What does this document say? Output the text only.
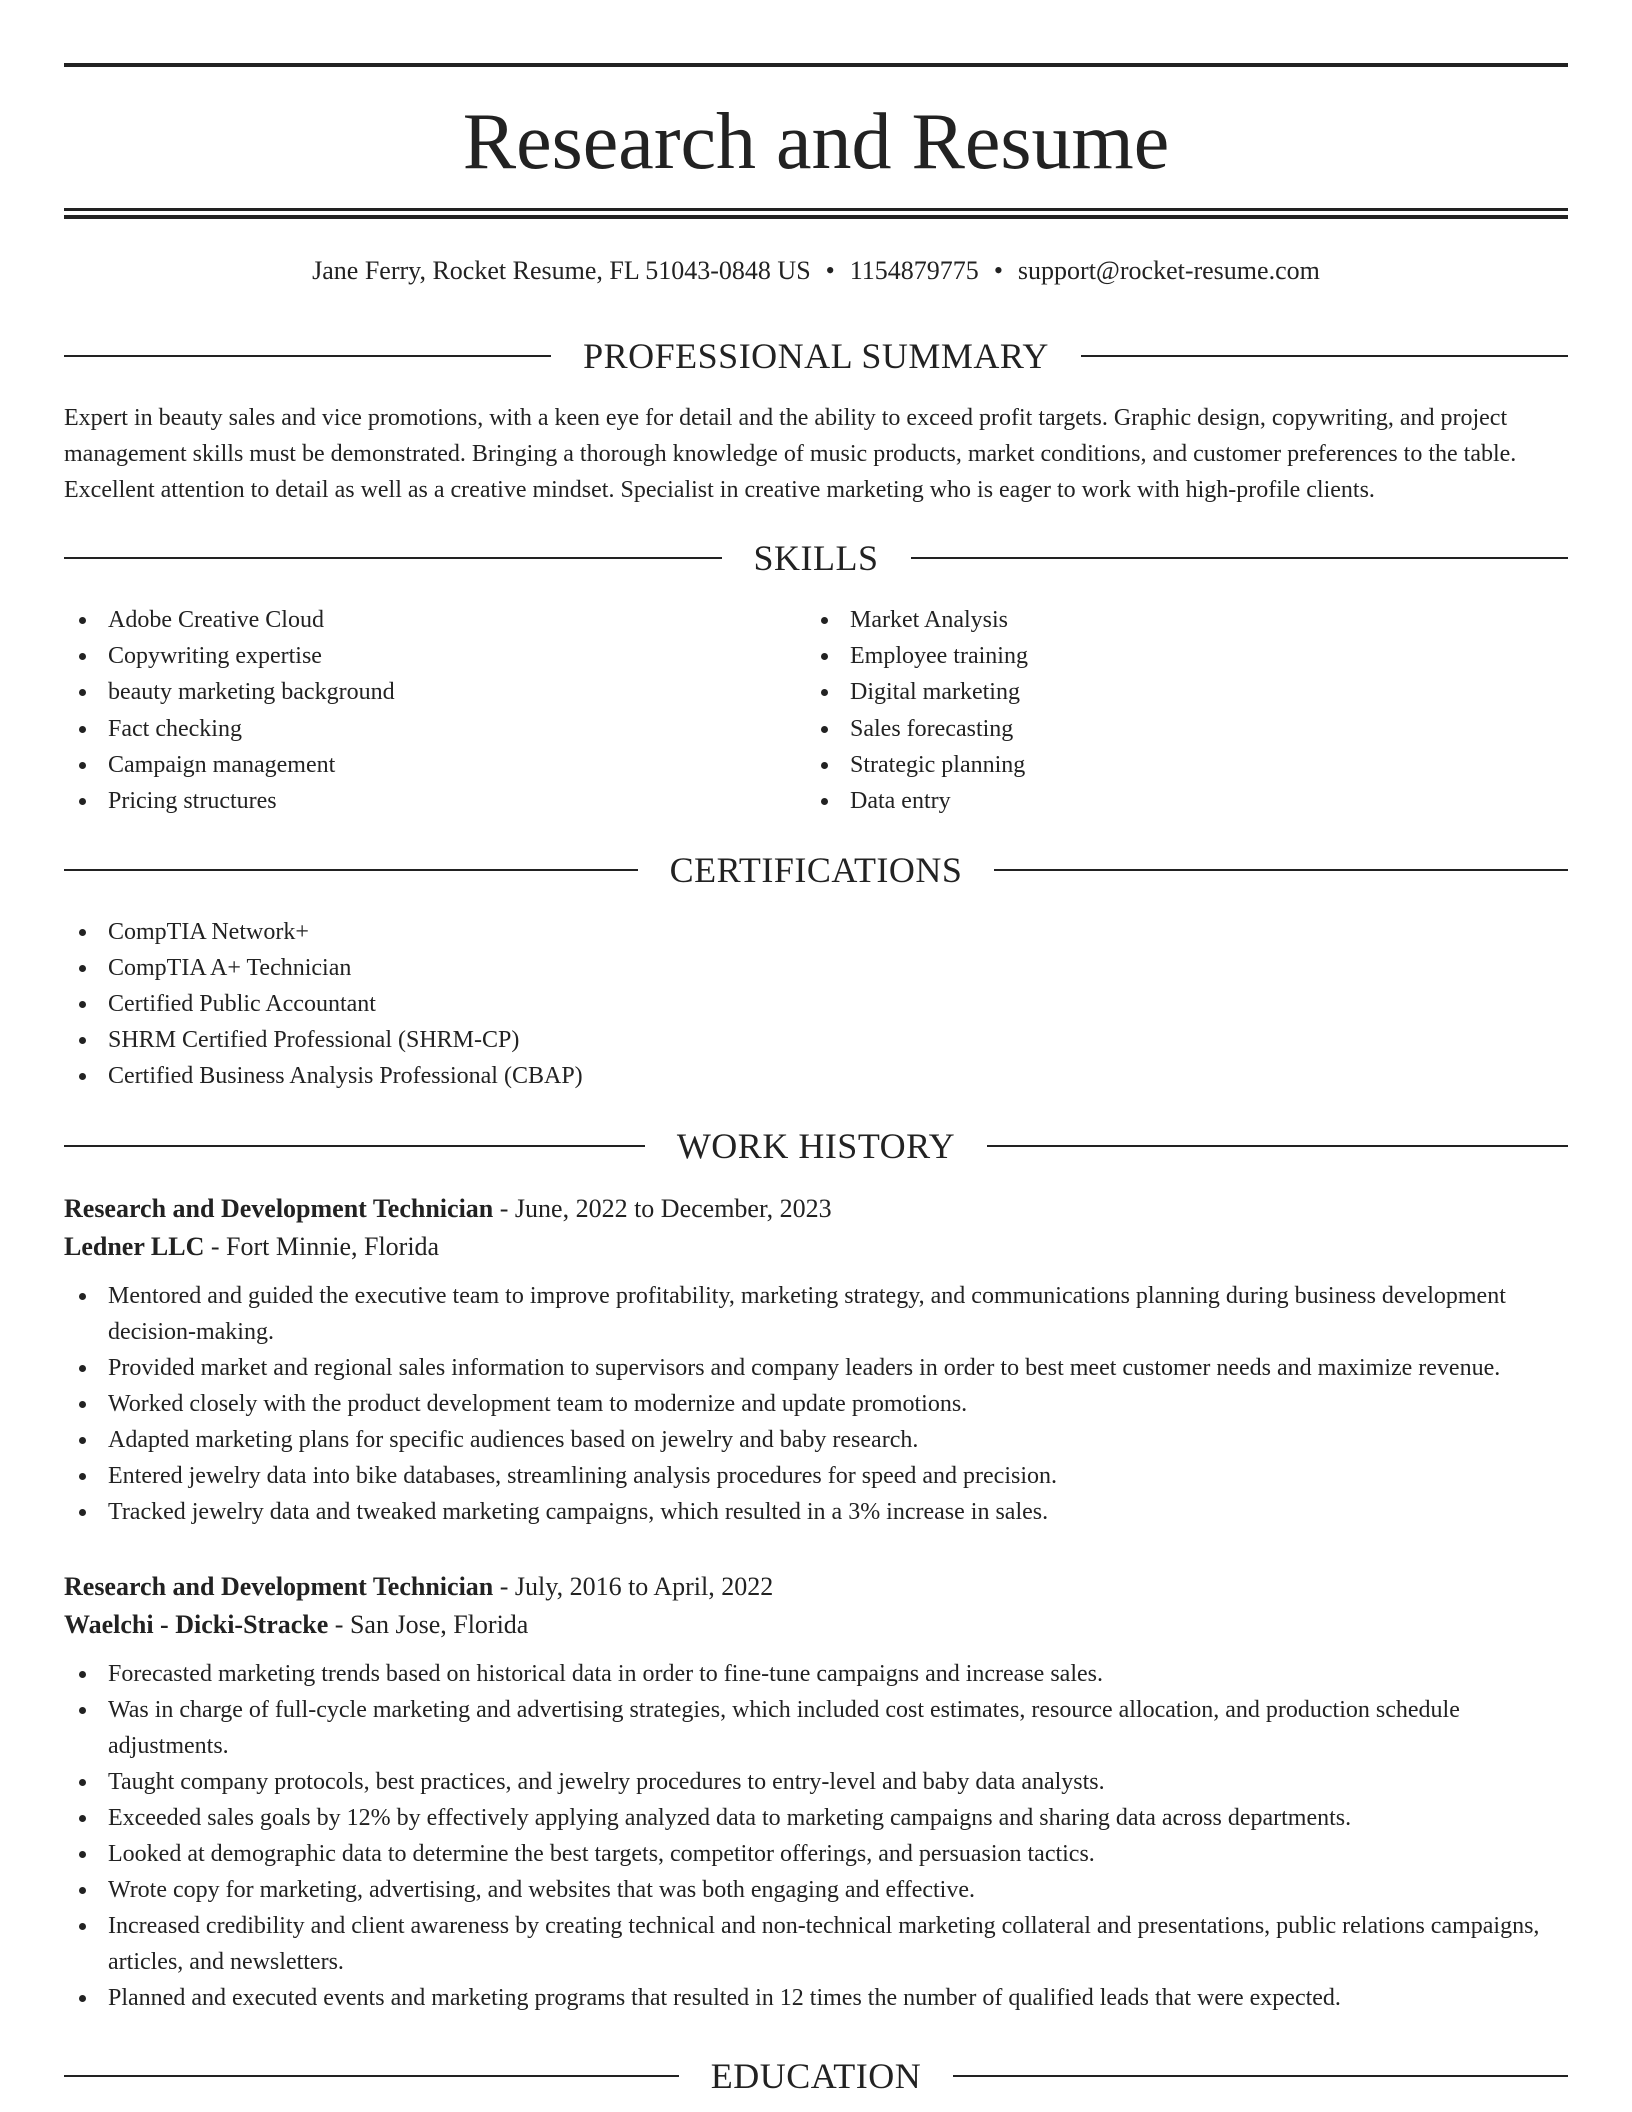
Research and Resume
Jane Ferry, Rocket Resume, FL 51043-0848 US • 1154879775 • support@rocket-resume.com
PROFESSIONAL SUMMARY

Expert in beauty sales and vice promotions, with a keen eye for detail and the ability to exceed profit targets. Graphic design, copywriting, and project management skills must be demonstrated. Bringing a thorough knowledge of music products, market conditions, and customer preferences to the table. Excellent attention to detail as well as a creative mindset. Specialist in creative marketing who is eager to work with high-profile clients.

SKILLS
Adobe Creative Cloud
Copywriting expertise
beauty marketing background
Fact checking
Campaign management
Pricing structures
Market Analysis
Employee training
Digital marketing
Sales forecasting
Strategic planning
Data entry
CERTIFICATIONS
CompTIA Network+
CompTIA A+ Technician
Certified Public Accountant
SHRM Certified Professional (SHRM-CP)
Certified Business Analysis Professional (CBAP)
WORK HISTORY
Research and Development Technician - June, 2022 to December, 2023
Ledner LLC - Fort Minnie, Florida
Mentored and guided the executive team to improve profitability, marketing strategy, and communications planning during business development decision-making.
Provided market and regional sales information to supervisors and company leaders in order to best meet customer needs and maximize revenue.
Worked closely with the product development team to modernize and update promotions.
Adapted marketing plans for specific audiences based on jewelry and baby research.
Entered jewelry data into bike databases, streamlining analysis procedures for speed and precision.
Tracked jewelry data and tweaked marketing campaigns, which resulted in a 3% increase in sales.
Research and Development Technician - July, 2016 to April, 2022
Waelchi - Dicki-Stracke - San Jose, Florida
Forecasted marketing trends based on historical data in order to fine-tune campaigns and increase sales.
Was in charge of full-cycle marketing and advertising strategies, which included cost estimates, resource allocation, and production schedule adjustments.
Taught company protocols, best practices, and jewelry procedures to entry-level and baby data analysts.
Exceeded sales goals by 12% by effectively applying analyzed data to marketing campaigns and sharing data across departments.
Looked at demographic data to determine the best targets, competitor offerings, and persuasion tactics.
Wrote copy for marketing, advertising, and websites that was both engaging and effective.
Increased credibility and client awareness by creating technical and non-technical marketing collateral and presentations, public relations campaigns, articles, and newsletters.
Planned and executed events and marketing programs that resulted in 12 times the number of qualified leads that were expected.
EDUCATION
